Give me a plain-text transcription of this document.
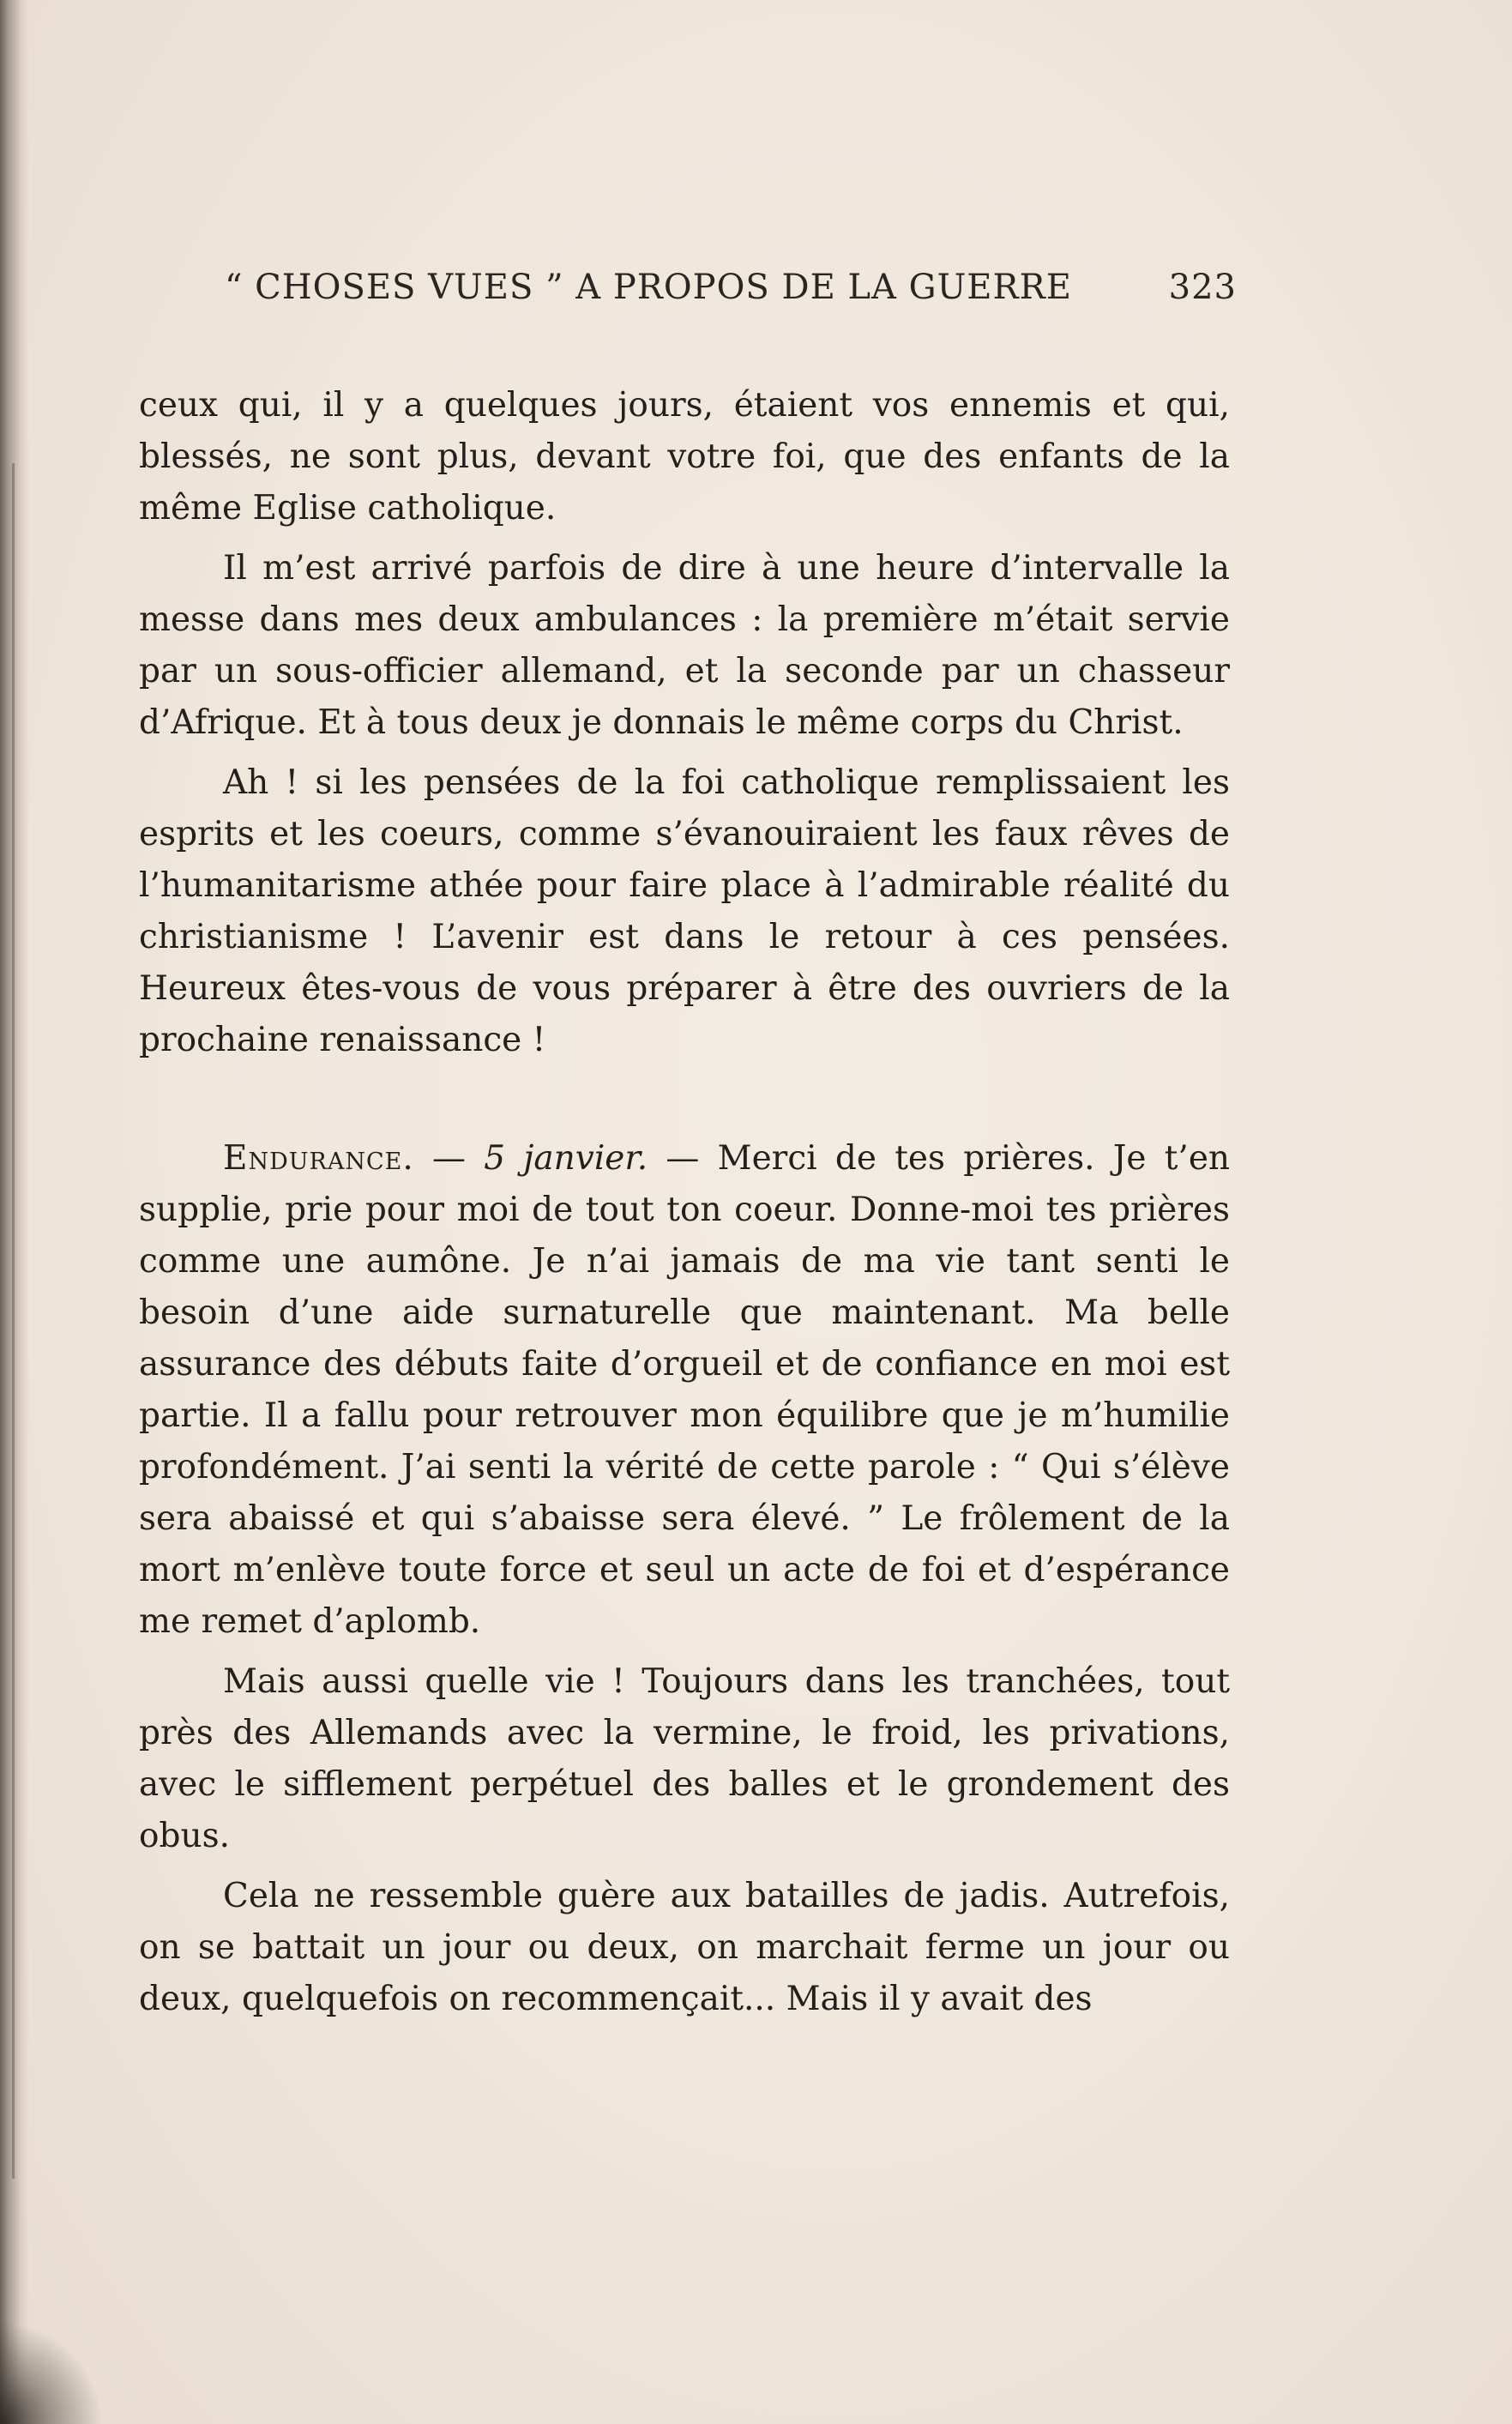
“ CHOSES VUES ” A PROPOS DE LA GUERRE	323

ceux qui, il y a quelques jours, étaient vos ennemis et qui, blessés, ne sont plus, devant votre foi, que des enfants de la même Eglise catholique.

Il m’est arrivé parfois de dire à une heure d’intervalle la messe dans mes deux ambulances : la première m’était servie par un sous-officier allemand, et la seconde par un chasseur d’Afrique. Et à tous deux je donnais le même corps du Christ.

Ah ! si les pensées de la foi catholique remplissaient les esprits et les coeurs, comme s’évanouiraient les faux rêves de l’humanitarisme athée pour faire place à l’admirable réalité du christianisme ! L’avenir est dans le retour à ces pensées. Heureux êtes-vous de vous préparer à être des ouvriers de la prochaine renaissance !

Endurance. — 5 janvier. — Merci de tes prières. Je t’en supplie, prie pour moi de tout ton coeur. Donne-moi tes prières comme une aumône. Je n’ai jamais de ma vie tant senti le besoin d’une aide surnaturelle que maintenant. Ma belle assurance des débuts faite d’orgueil et de confiance en moi est partie. Il a fallu pour retrouver mon équilibre que je m’humilie profondément. J’ai senti la vérité de cette parole : “ Qui s’élève sera abaissé et qui s’abaisse sera élevé. ” Le frôlement de la mort m’enlève toute force et seul un acte de foi et d’espérance me remet d’aplomb.

Mais aussi quelle vie ! Toujours dans les tranchées, tout près des Allemands avec la vermine, le froid, les privations, avec le sifflement perpétuel des balles et le grondement des obus.

Cela ne ressemble guère aux batailles de jadis. Autrefois, on se battait un jour ou deux, on marchait ferme un jour ou deux, quelquefois on recommençait... Mais il y avait des
